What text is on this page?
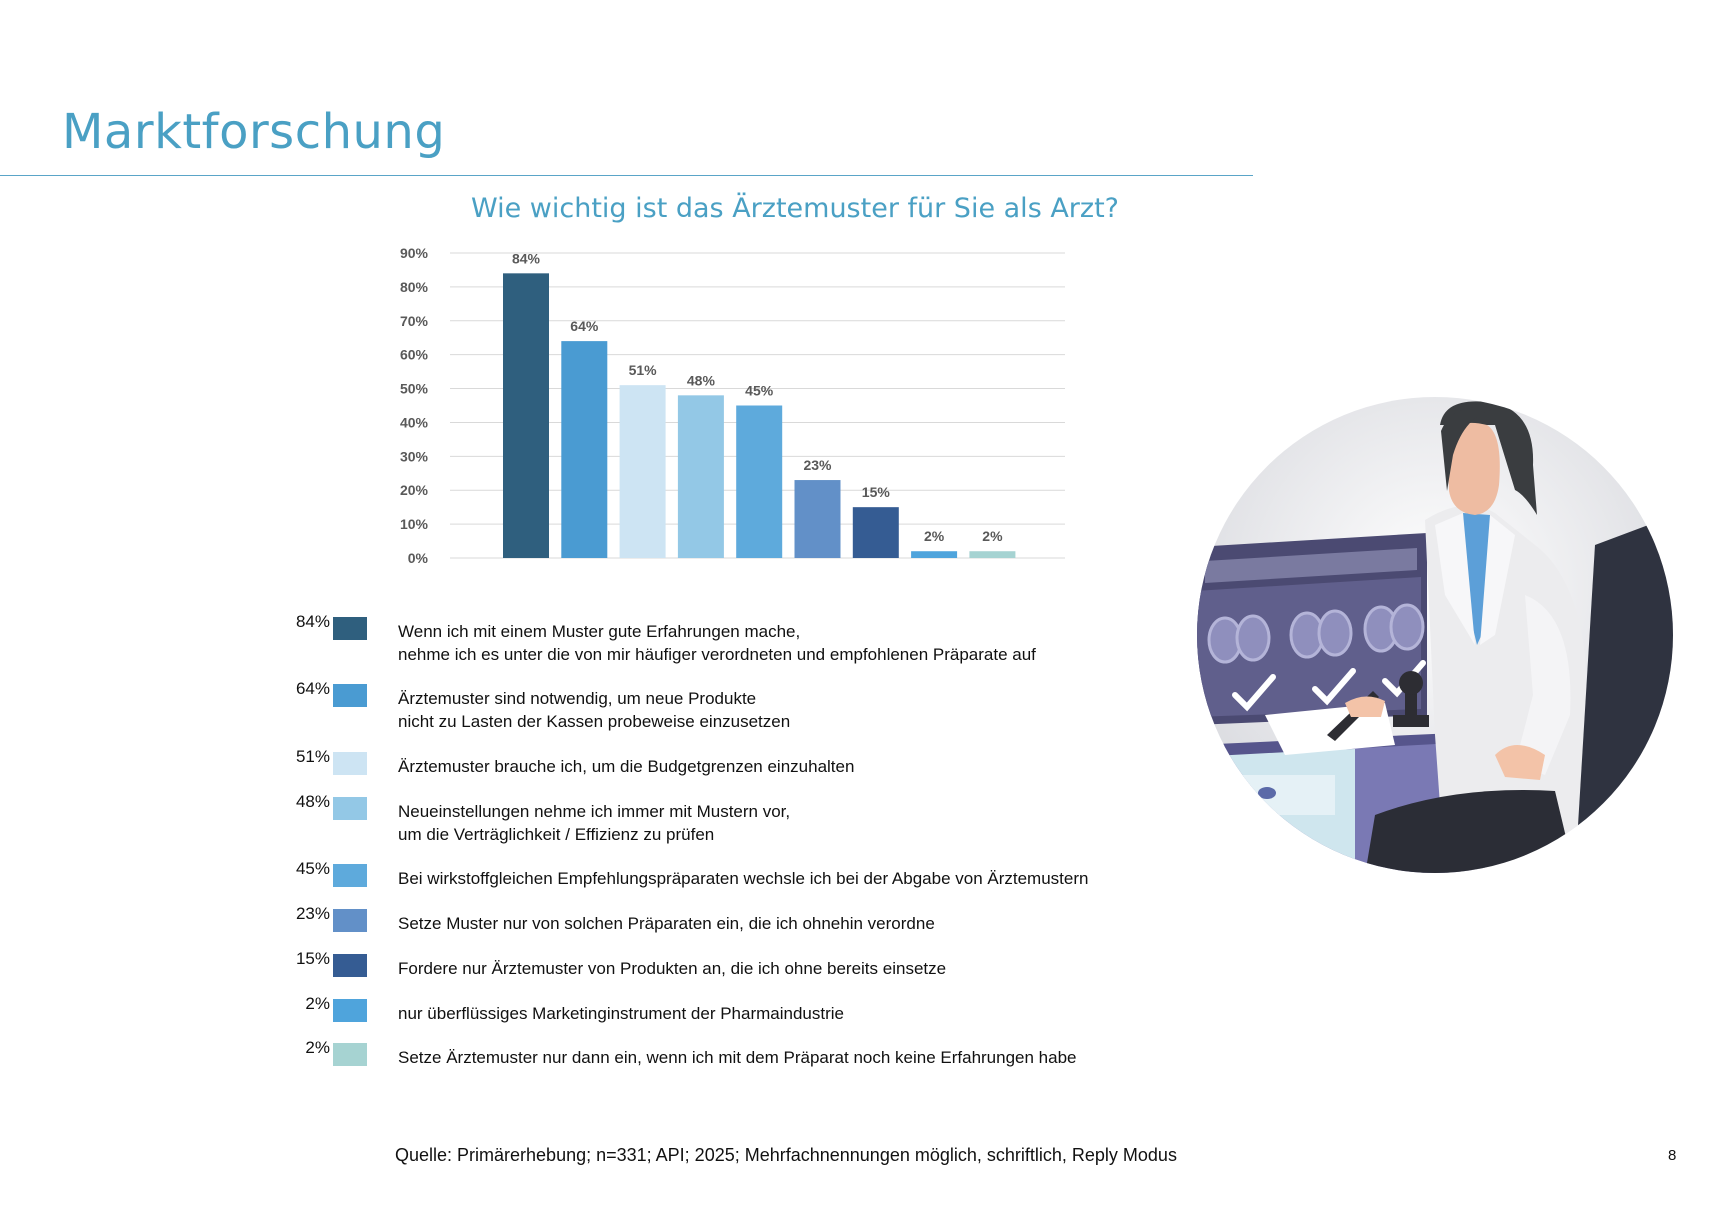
Marktforschung
Wie wichtig ist das Ärztemuster für Sie als Arzt?
0%
10%
20%
30%
40%
50%
60%
70%
80%
90%	84%
64%
51%
48%
45%
23%
15%
2%	2%
84%
Wenn ich mit einem Muster gute Erfahrungen mache,
nehme ich es unter die von mir häufiger verordneten und empfohlenen Präparate auf
64%
Ärztemuster sind notwendig, um neue Produkte
nicht zu Lasten der Kassen probeweise einzusetzen
51%
Ärztemuster brauche ich, um die Budgetgrenzen einzuhalten
48%
Neueinstellungen nehme ich immer mit Mustern vor,
um die Verträglichkeit / Effizienz zu prüfen
45%
Bei wirkstoffgleichen Empfehlungspräparaten wechsle ich bei der Abgabe von Ärztemustern
23%
Setze Muster nur von solchen Präparaten ein, die ich ohnehin verordne
15%
Fordere nur Ärztemuster von Produkten an, die ich ohne bereits einsetze
2%
nur überflüssiges Marketinginstrument der Pharmaindustrie
2%
Setze Ärztemuster nur dann ein, wenn ich mit dem Präparat noch keine Erfahrungen habe
Quelle: Primärerhebung; n=331; API; 2025; Mehrfachnennungen möglich, schriftlich, Reply Modus	8
